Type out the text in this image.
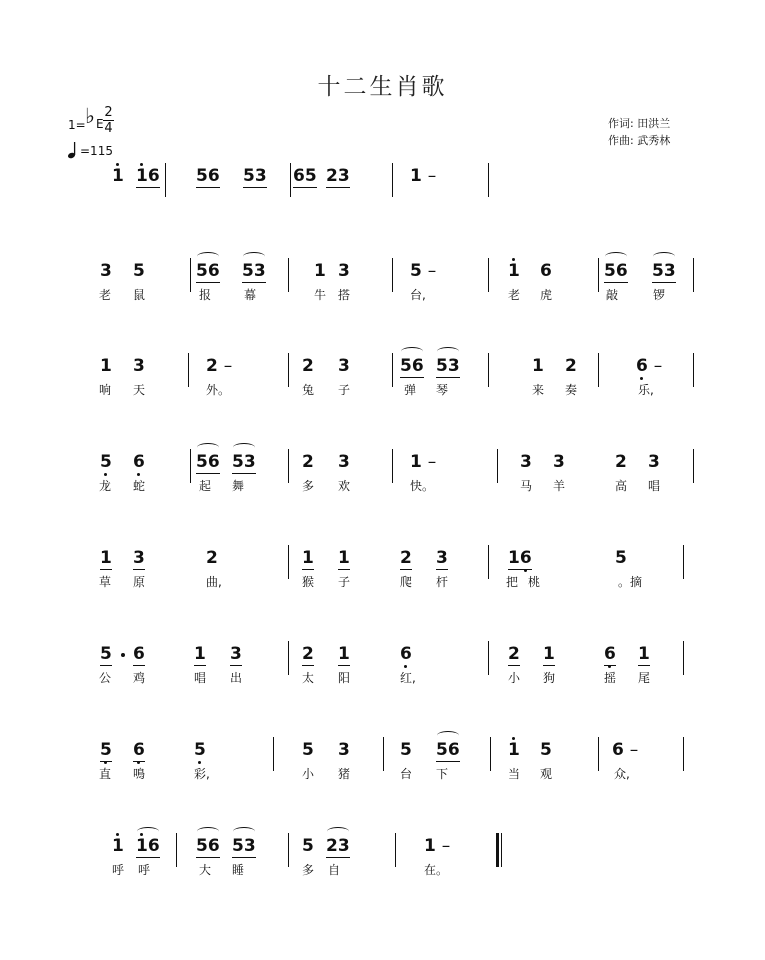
十二生肖歌
1= ♭ E $\frac{2}{4}$
=115
作词: 田洪兰
作曲: 武秀林
1 16 56 53 65 23	1 –
3 5	56 53	1 3	5 –	1 6	56 53
老 鼠	报	幕	牛 搭	台,	老 虎	敲	锣
1 3	2 –	2 3	56 53	1 2	6 –
响 天	外。	兔 子	弹 琴	来 奏	乐,
5 6	56 53	2 3	1 –	3 3	2 3
龙 蛇	起 舞	多 欢	快。	马 羊	高 唱
1 3	2	1 1	2 3	16	5
草 原	曲,	猴 子	爬 杆	把 桃	。摘
5	6	1 3	2 1	6	2 1	6 1
公 鸡	唱 出	太 阳	红,	小 狗	摇 尾
5 6	5	5 3	5 56	1 5	6 –
直 鳴	彩,	小 猪	台 下	当 观	众,
1 16 56 53	5 23	1 –
呼 呼	大 睡	多 自	在。
